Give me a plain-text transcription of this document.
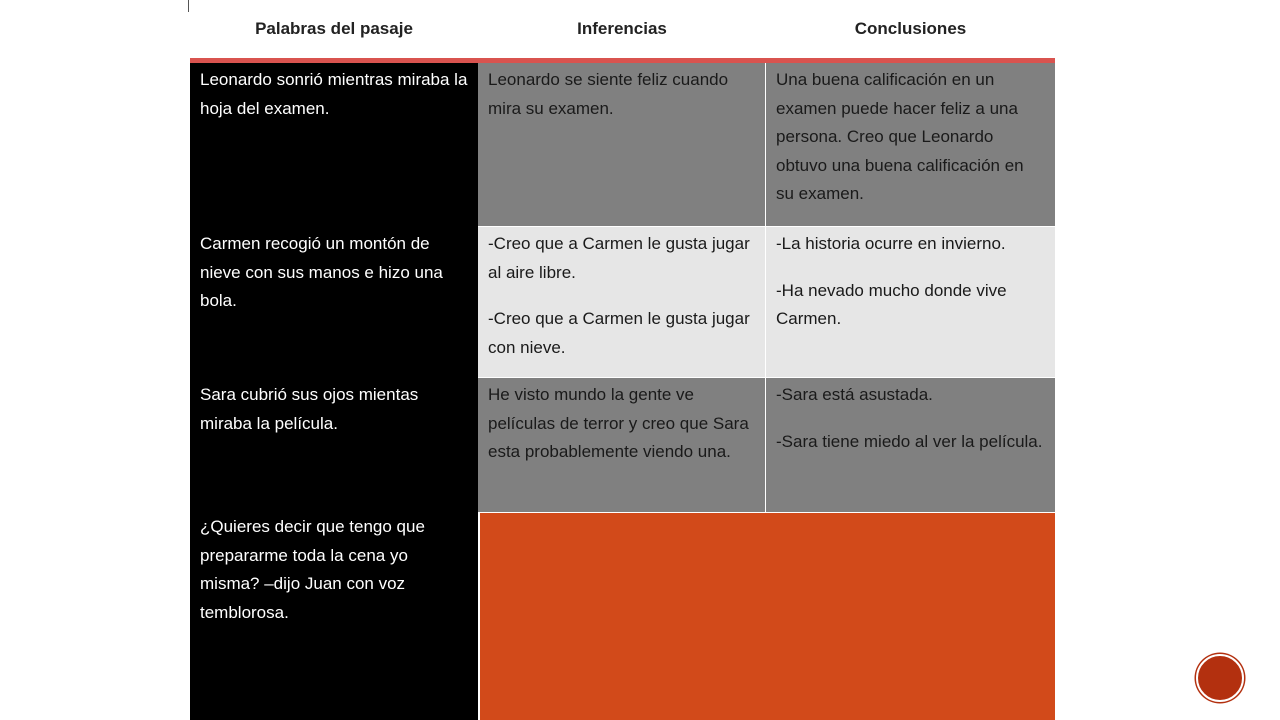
Palabras del pasaje	Inferencias	Conclusiones

Leonardo sonrió mientras miraba la hoja del examen.

Leonardo se siente feliz cuando mira su examen.

Una buena calificación en un examen puede hacer feliz a una persona. Creo que Leonardo obtuvo una buena calificación en su examen.

Carmen recogió un montón de nieve con sus manos e hizo una bola.

-Creo que a Carmen le gusta jugar al aire libre.

-Creo que a Carmen le gusta jugar con nieve.

-La historia ocurre en invierno.

-Ha nevado mucho donde vive Carmen.

Sara cubrió sus ojos mientas miraba la película.

He visto mundo la gente ve películas de terror y creo que Sara esta probablemente viendo una.

-Sara está asustada.

-Sara tiene miedo al ver la película.

¿Quieres decir que tengo que prepararme toda la cena yo misma? –dijo Juan con voz temblorosa.
